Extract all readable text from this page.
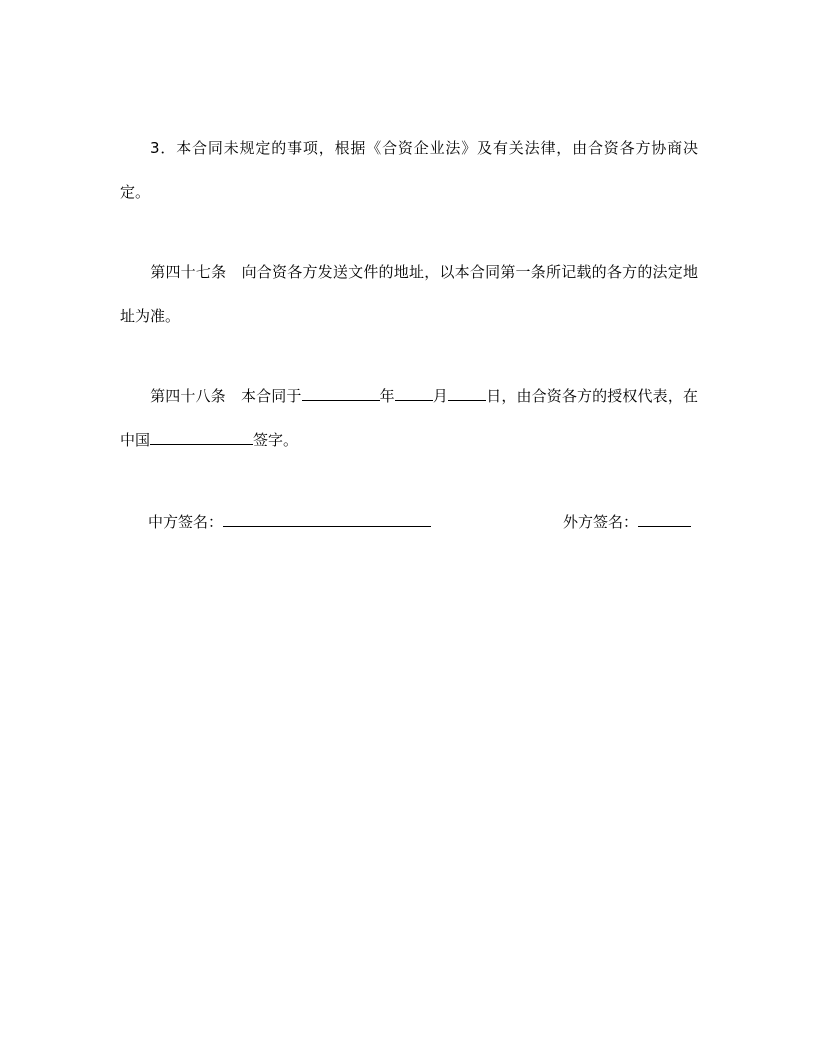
3．本合同未规定的事项，根据《合资企业法》及有关法律，由合资各方协商决定。

第四十七条 向合资各方发送文件的地址，以本合同第一条所记载的各方的法定地址为准。

第四十八条 本合同于	年	月	日，由合资各方的授权代表，在中国	签字。

中方签名：	外方签名：
